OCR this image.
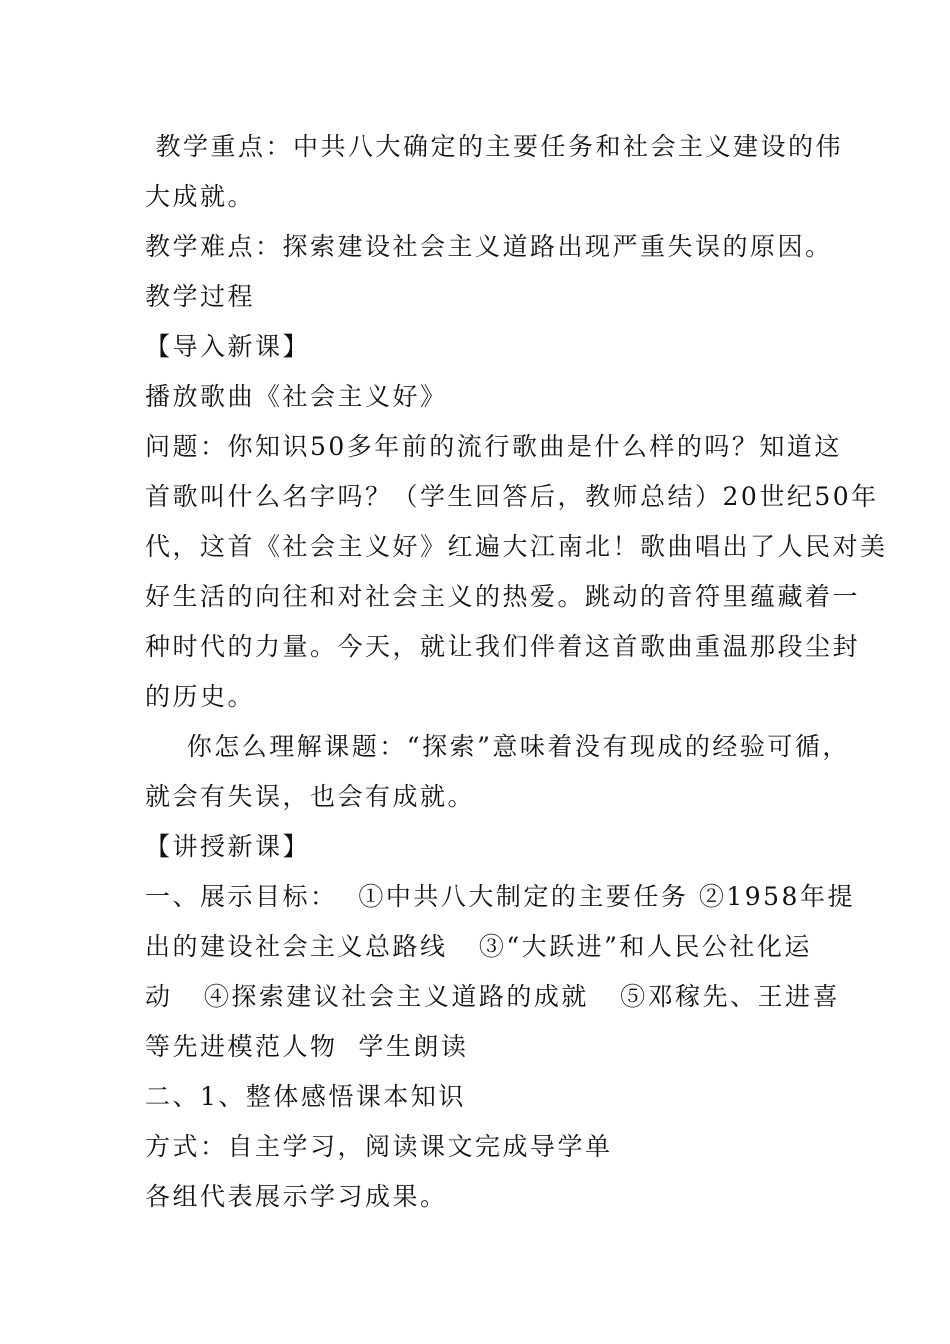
教学重点：中共八大确定的主要任务和社会主义建设的伟
大成就。
教学难点：探索建设社会主义道路出现严重失误的原因。
教学过程
【导入新课】
播放歌曲《社会主义好》
问题：你知识50多年前的流行歌曲是什么样的吗？知道这
首歌叫什么名字吗？（学生回答后，教师总结）20世纪50年
代，这首《社会主义好》红遍大江南北！歌曲唱出了人民对美
好生活的向往和对社会主义的热爱。跳动的音符里蕴藏着一
种时代的力量。今天，就让我们伴着这首歌曲重温那段尘封
的历史。
你怎么理解课题：“探索”意味着没有现成的经验可循，
就会有失误，也会有成就。
【讲授新课】
一、展示目标：  ①中共八大制定的主要任务 ②1958年提
出的建设社会主义总路线   ③“大跃进”和人民公社化运
动   ④探索建议社会主义道路的成就   ⑤邓稼先、王进喜
等先进模范人物  学生朗读
二、1、整体感悟课本知识
方式：自主学习，阅读课文完成导学单
各组代表展示学习成果。
